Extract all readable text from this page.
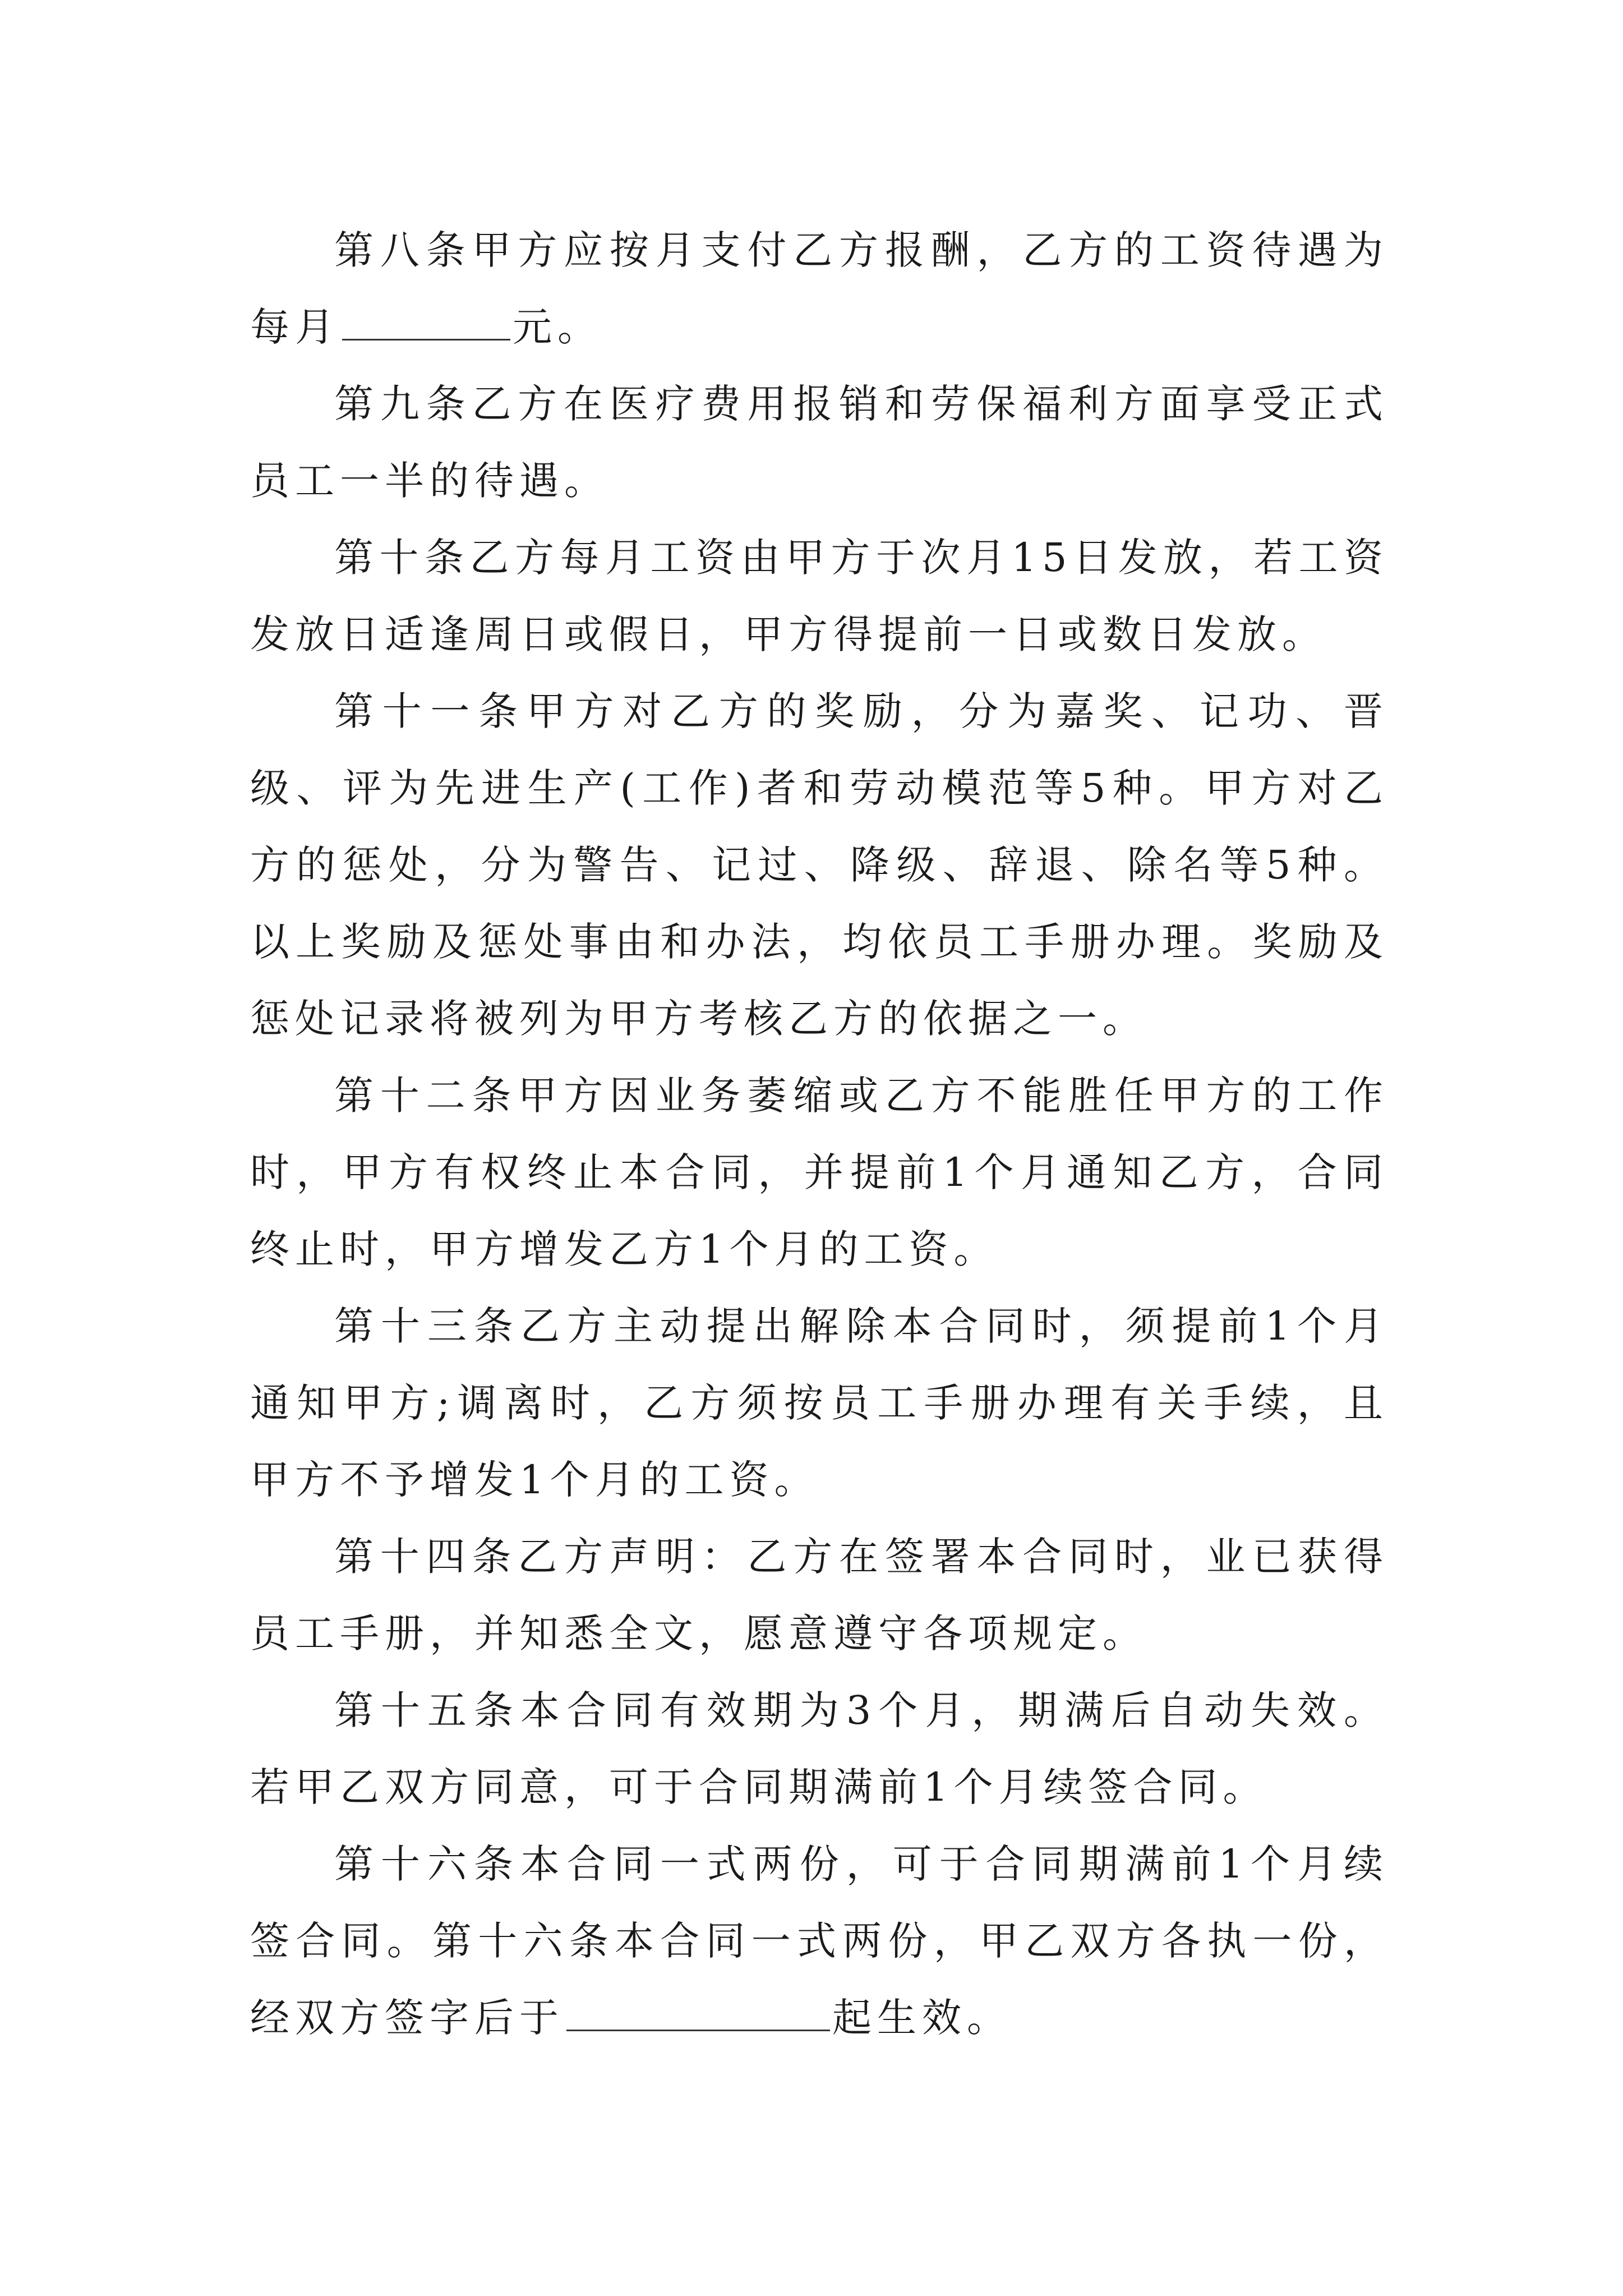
第八条甲方应按月支付乙方报酬，乙方的工资待遇为每月	元。

第九条乙方在医疗费用报销和劳保福利方面享受正式员工一半的待遇。

第十条乙方每月工资由甲方于次月15日发放，若工资发放日适逢周日或假日，甲方得提前一日或数日发放。

第十一条甲方对乙方的奖励，分为嘉奖、记功、晋级、评为先进生产(工作)者和劳动模范等5种。甲方对乙方的惩处，分为警告、记过、降级、辞退、除名等5种。以上奖励及惩处事由和办法，均依员工手册办理。奖励及惩处记录将被列为甲方考核乙方的依据之一。

第十二条甲方因业务萎缩或乙方不能胜任甲方的工作时，甲方有权终止本合同，并提前1个月通知乙方，合同终止时，甲方增发乙方1个月的工资。

第十三条乙方主动提出解除本合同时，须提前1个月通知甲方;调离时，乙方须按员工手册办理有关手续，且甲方不予增发1个月的工资。

第十四条乙方声明：乙方在签署本合同时，业已获得员工手册，并知悉全文，愿意遵守各项规定。

第十五条本合同有效期为3个月，期满后自动失效。若甲乙双方同意，可于合同期满前1个月续签合同。

第十六条本合同一式两份，可于合同期满前1个月续签合同。第十六条本合同一式两份，甲乙双方各执一份，经双方签字后于	起生效。
